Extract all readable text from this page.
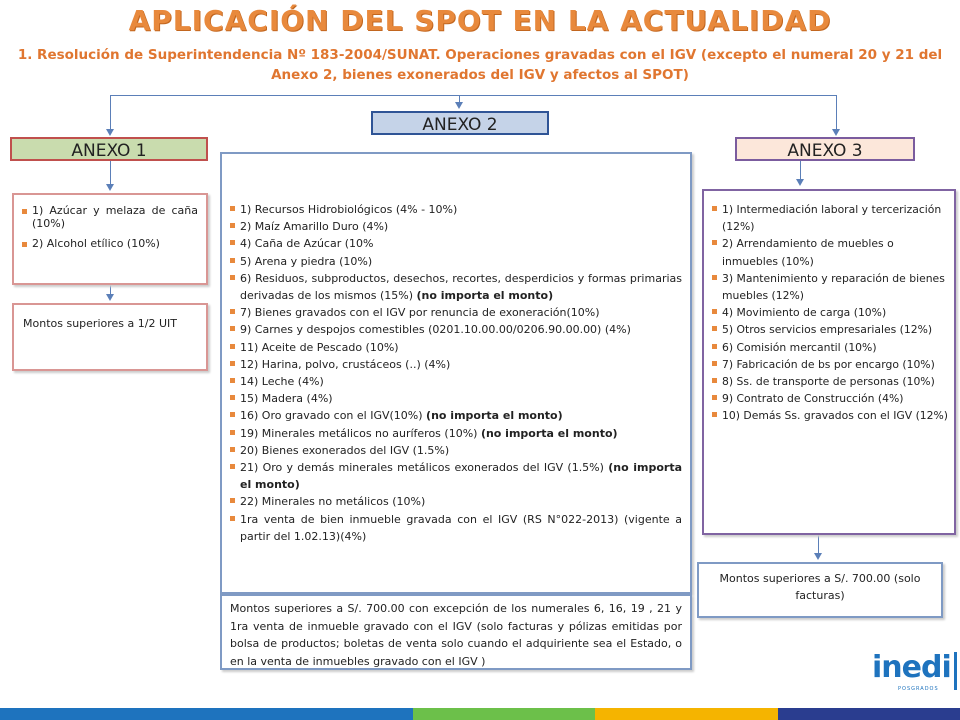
APLICACIÓN DEL SPOT EN LA ACTUALIDAD
1. Resolución de Superintendencia Nº 183-2004/SUNAT. Operaciones gravadas con el IGV (excepto el numeral 20 y 21 del Anexo 2, bienes exonerados del IGV y afectos al SPOT)
ANEXO 1
ANEXO 2
ANEXO 3
1) Azúcar y melaza de caña (10%)
2) Alcohol etílico (10%)
Montos superiores a 1/2 UIT
1) Recursos Hidrobiológicos (4% - 10%)
2) Maíz Amarillo Duro (4%)
4) Caña de Azúcar (10%
5) Arena y piedra (10%)
6) Residuos, subproductos, desechos, recortes, desperdicios y formas primarias derivadas de los mismos (15%) (no importa el monto)
7) Bienes gravados con el IGV por renuncia de exoneración(10%)
9) Carnes y despojos comestibles (0201.10.00.00/0206.90.00.00) (4%)
11) Aceite de Pescado (10%)
12) Harina, polvo, crustáceos (..) (4%)
14) Leche (4%)
15) Madera (4%)
16) Oro gravado con el IGV(10%) (no importa el monto)
19) Minerales metálicos no auríferos (10%) (no importa el monto)
20) Bienes exonerados del IGV (1.5%)
21) Oro y demás minerales metálicos exonerados del IGV (1.5%) (no importa el monto)
22) Minerales no metálicos (10%)
1ra venta de bien inmueble gravada con el IGV (RS N°022-2013) (vigente a partir del 1.02.13)(4%)
Montos superiores a S/. 700.00 con excepción de los numerales 6, 16, 19 , 21 y 1ra venta de inmueble gravado con el IGV (solo facturas y pólizas emitidas por bolsa de productos; boletas de venta solo cuando el adquiriente sea el Estado, o en la venta de inmuebles gravado con el IGV )
1) Intermediación laboral y tercerización (12%)
2) Arrendamiento de muebles o inmuebles (10%)
3) Mantenimiento y reparación de bienes muebles (12%)
4) Movimiento de carga (10%)
5) Otros servicios empresariales (12%)
6) Comisión mercantil (10%)
7) Fabricación de bs por encargo (10%)
8) Ss. de transporte de personas (10%)
9) Contrato de Construcción (4%)
10) Demás Ss. gravados con el IGV (12%)
Montos superiores a S/. 700.00 (solo facturas)
inedi
POSGRADOS
